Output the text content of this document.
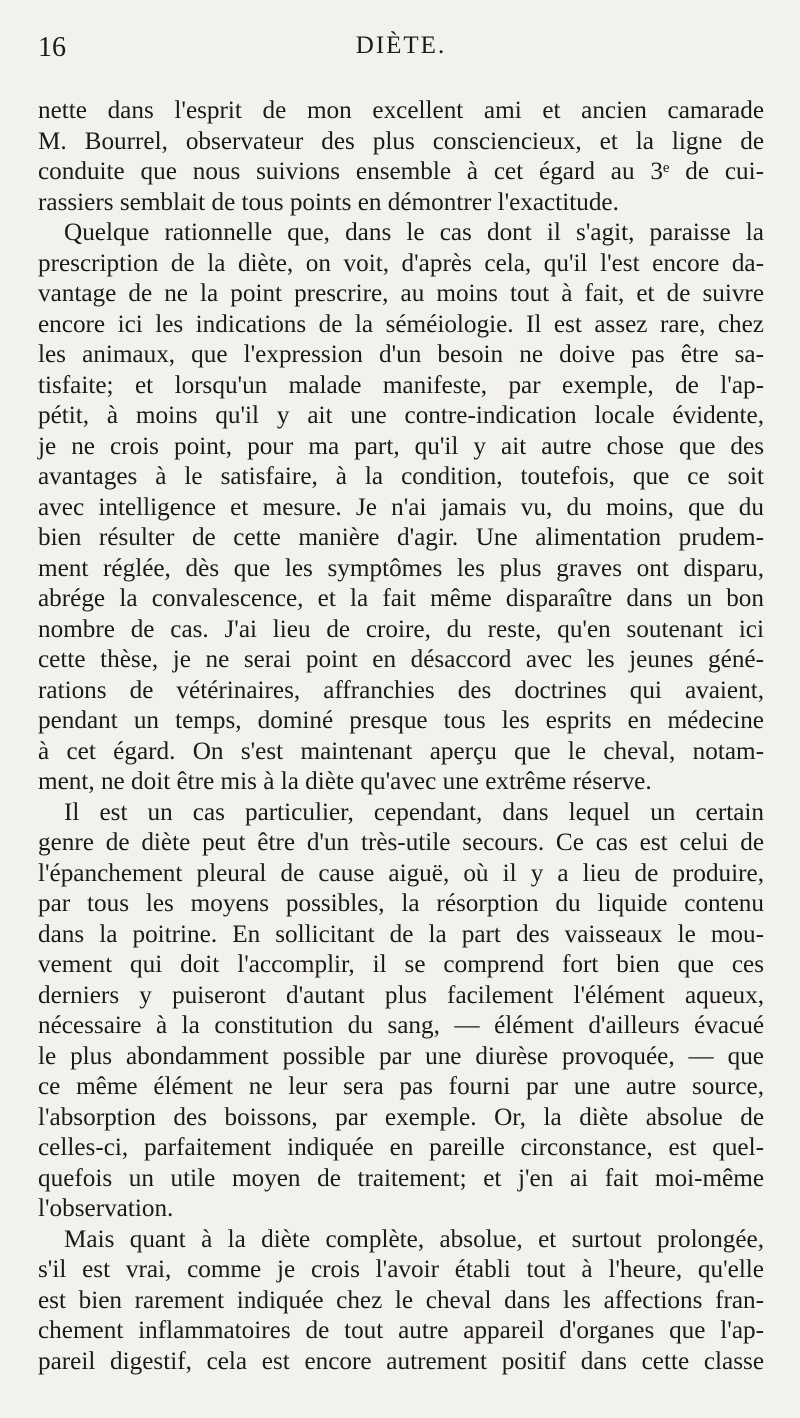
16	DIÈTE.
nette dans l'esprit de mon excellent ami et ancien camarade
M. Bourrel, observateur des plus consciencieux, et la ligne de
conduite que nous suivions ensemble à cet égard au 3ᵉ de cui-
rassiers semblait de tous points en démontrer l'exactitude.
Quelque rationnelle que, dans le cas dont il s'agit, paraisse la
prescription de la diète, on voit, d'après cela, qu'il l'est encore da-
vantage de ne la point prescrire, au moins tout à fait, et de suivre
encore ici les indications de la séméiologie. Il est assez rare, chez
les animaux, que l'expression d'un besoin ne doive pas être sa-
tisfaite; et lorsqu'un malade manifeste, par exemple, de l'ap-
pétit, à moins qu'il y ait une contre-indication locale évidente,
je ne crois point, pour ma part, qu'il y ait autre chose que des
avantages à le satisfaire, à la condition, toutefois, que ce soit
avec intelligence et mesure. Je n'ai jamais vu, du moins, que du
bien résulter de cette manière d'agir. Une alimentation prudem-
ment réglée, dès que les symptômes les plus graves ont disparu,
abrége la convalescence, et la fait même disparaître dans un bon
nombre de cas. J'ai lieu de croire, du reste, qu'en soutenant ici
cette thèse, je ne serai point en désaccord avec les jeunes géné-
rations de vétérinaires, affranchies des doctrines qui avaient,
pendant un temps, dominé presque tous les esprits en médecine
à cet égard. On s'est maintenant aperçu que le cheval, notam-
ment, ne doit être mis à la diète qu'avec une extrême réserve.
Il est un cas particulier, cependant, dans lequel un certain
genre de diète peut être d'un très-utile secours. Ce cas est celui de
l'épanchement pleural de cause aiguë, où il y a lieu de produire,
par tous les moyens possibles, la résorption du liquide contenu
dans la poitrine. En sollicitant de la part des vaisseaux le mou-
vement qui doit l'accomplir, il se comprend fort bien que ces
derniers y puiseront d'autant plus facilement l'élément aqueux,
nécessaire à la constitution du sang, — élément d'ailleurs évacué
le plus abondamment possible par une diurèse provoquée, — que
ce même élément ne leur sera pas fourni par une autre source,
l'absorption des boissons, par exemple. Or, la diète absolue de
celles-ci, parfaitement indiquée en pareille circonstance, est quel-
quefois un utile moyen de traitement; et j'en ai fait moi-même
l'observation.
Mais quant à la diète complète, absolue, et surtout prolongée,
s'il est vrai, comme je crois l'avoir établi tout à l'heure, qu'elle
est bien rarement indiquée chez le cheval dans les affections fran-
chement inflammatoires de tout autre appareil d'organes que l'ap-
pareil digestif, cela est encore autrement positif dans cette classe
